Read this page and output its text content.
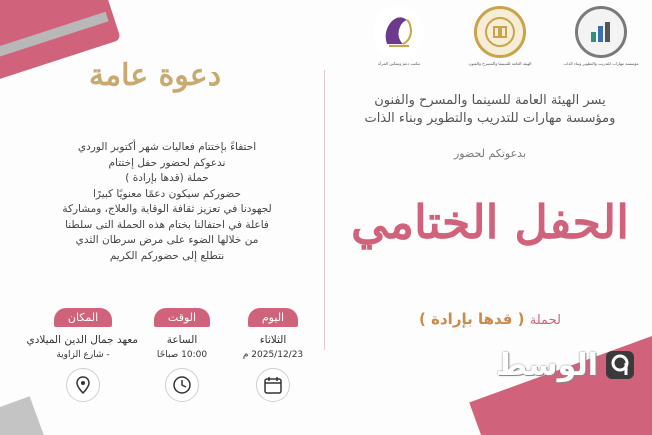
مكتب دعم وتمكين المرأة	الهيئة العامة للسينما والمسرح والفنون	مؤسسة مهارات للتدريب والتطوير وبناء الذات
يسر الهيئة العامة للسينما والمسرح والفنون
ومؤسسة مهارات للتدريب والتطوير وبناء الذات
بدعوتكم لحضور
الحفل الختامي
لحملة ( قدها بإرادة )
الوسط
دعوة عامة

احتفاءً بإختتام فعاليات شهر أكتوبر الوردي

ندعوكم لحضور حفل إختتام

حملة (قدها بإرادة )

حضوركم سيكون دعمًا معنويًا كبيرًا

لجهودنا في تعزيز ثقافة الوقاية والعلاج، ومشاركة

فاعلة في احتفالنا بختام هذه الحملة التى سلطنا

من خلالها الضوء على مرض سرطان الثدي

نتطلع إلى حضوركم الكريم

اليوم
الثلاثاء
2025/12/23 م
الوقت
الساعة
10:00 صباحًا
المكان
معهد جمال الدين الميلادي
- شارع الزاوية
